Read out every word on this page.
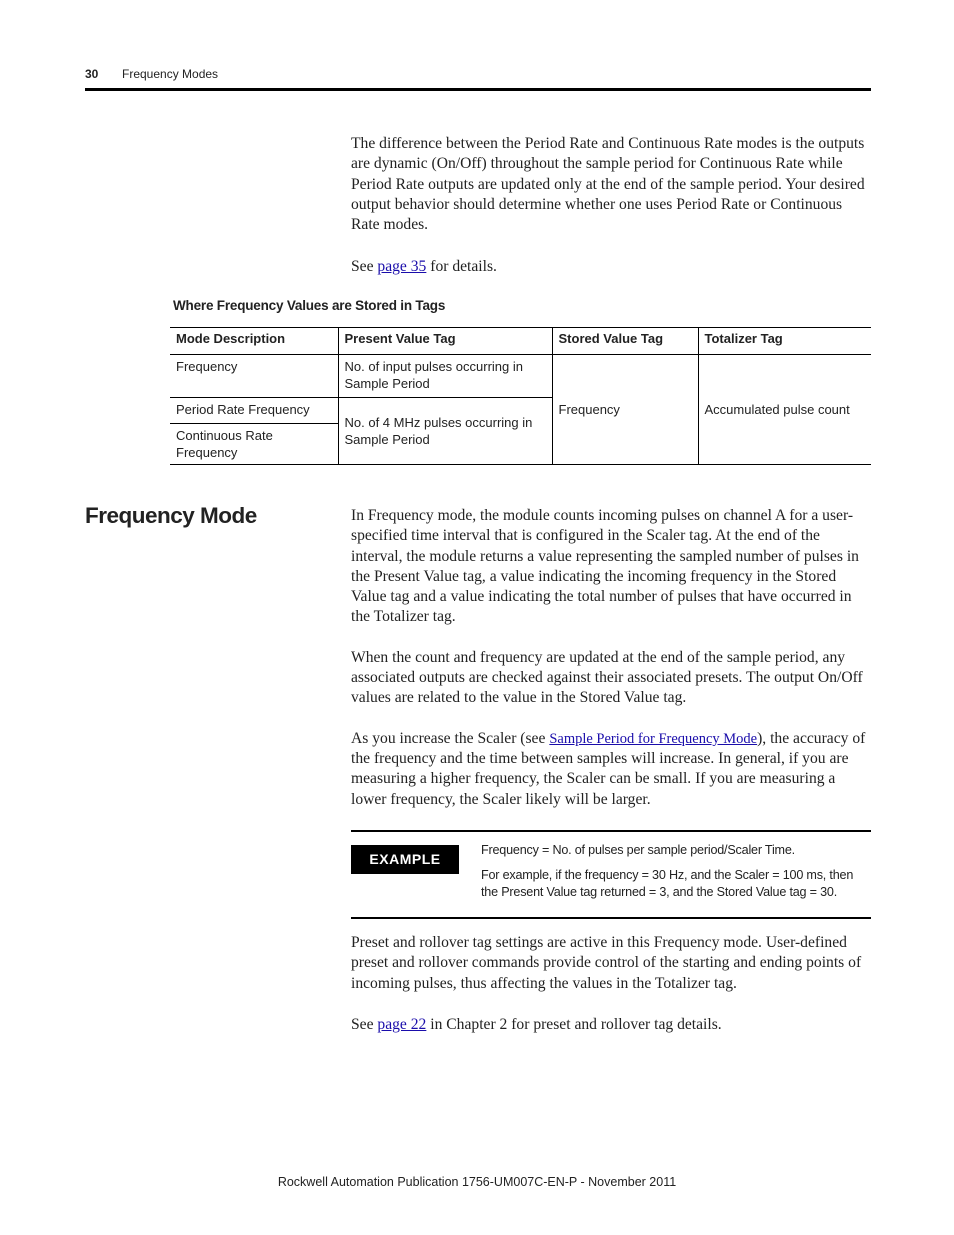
30 Frequency Modes

The difference between the Period Rate and Continuous Rate modes is the outputs are dynamic (On/Off) throughout the sample period for Continuous Rate while Period Rate outputs are updated only at the end of the sample period. Your desired output behavior should determine whether one uses Period Rate or Continuous Rate modes.

See page 35 for details.

Where Frequency Values are Stored in Tags
Mode Description	Present Value Tag	Stored Value Tag	Totalizer Tag

Frequency	No. of input pulses occurring in Sample Period	Frequency	Accumulated pulse count

Period Rate Frequency	No. of 4 MHz pulses occurring in Sample Period		

Continuous Rate Frequency			
Frequency Mode	In Frequency mode, the module counts incoming pulses on channel A for a user-specified time interval that is configured in the Scaler tag. At the end of the interval, the module returns a value representing the sampled number of pulses in the Present Value tag, a value indicating the incoming frequency in the Stored Value tag and a value indicating the total number of pulses that have occurred in the Totalizer tag.

When the count and frequency are updated at the end of the sample period, any associated outputs are checked against their associated presets. The output On/Off values are related to the value in the Stored Value tag.

As you increase the Scaler (see Sample Period for Frequency Mode), the accuracy of the frequency and the time between samples will increase. In general, if you are measuring a higher frequency, the Scaler can be small. If you are measuring a lower frequency, the Scaler likely will be larger.

EXAMPLE

Frequency = No. of pulses per sample period/Scaler Time.

For example, if the frequency = 30 Hz, and the Scaler = 100 ms, then the Present Value tag returned = 3, and the Stored Value tag = 30.

Preset and rollover tag settings are active in this Frequency mode. User-defined preset and rollover commands provide control of the starting and ending points of incoming pulses, thus affecting the values in the Totalizer tag.

See page 22 in Chapter 2 for preset and rollover tag details.

Rockwell Automation Publication 1756-UM007C-EN-P - November 2011
